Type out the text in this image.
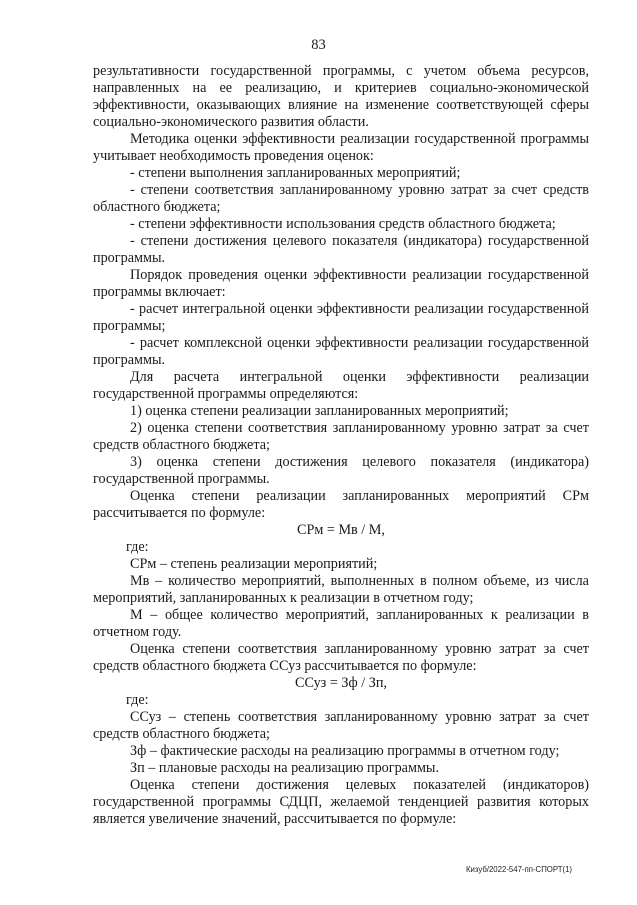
83

результативности государственной программы, с учетом объема ресурсов, направленных на ее реализацию, и критериев социально-экономической эффективности, оказывающих влияние на изменение соответствующей сферы социально-экономического развития области.

Методика оценки эффективности реализации государственной программы учитывает необходимость проведения оценок:

- степени выполнения запланированных мероприятий;

- степени соответствия запланированному уровню затрат за счет средств областного бюджета;

- степени эффективности использования средств областного бюджета;

- степени достижения целевого показателя (индикатора) государственной программы.

Порядок проведения оценки эффективности реализации государственной программы включает:

- расчет интегральной оценки эффективности реализации государственной программы;

- расчет комплексной оценки эффективности реализации государственной программы.

Для расчета интегральной оценки эффективности реализации государственной программы определяются:

1) оценка степени реализации запланированных мероприятий;

2) оценка степени соответствия запланированному уровню затрат за счет средств областного бюджета;

3) оценка степени достижения целевого показателя (индикатора) государственной программы.

Оценка степени реализации запланированных мероприятий СРм рассчитывается по формуле:

СРм = Мв / М,

где:

СРм – степень реализации мероприятий;

Мв – количество мероприятий, выполненных в полном объеме, из числа мероприятий, запланированных к реализации в отчетном году;

М – общее количество мероприятий, запланированных к реализации в отчетном году.

Оценка степени соответствия запланированному уровню затрат за счет средств областного бюджета ССуз рассчитывается по формуле:

ССуз = Зф / Зп,

где:

ССуз – степень соответствия запланированному уровню затрат за счет средств областного бюджета;

Зф – фактические расходы на реализацию программы в отчетном году;

Зп – плановые расходы на реализацию программы.

Оценка степени достижения целевых показателей (индикаторов) государственной программы СДЦП, желаемой тенденцией развития которых является увеличение значений, рассчитывается по формуле:

Кизуб/2022-547-пп-СПОРТ(1)
